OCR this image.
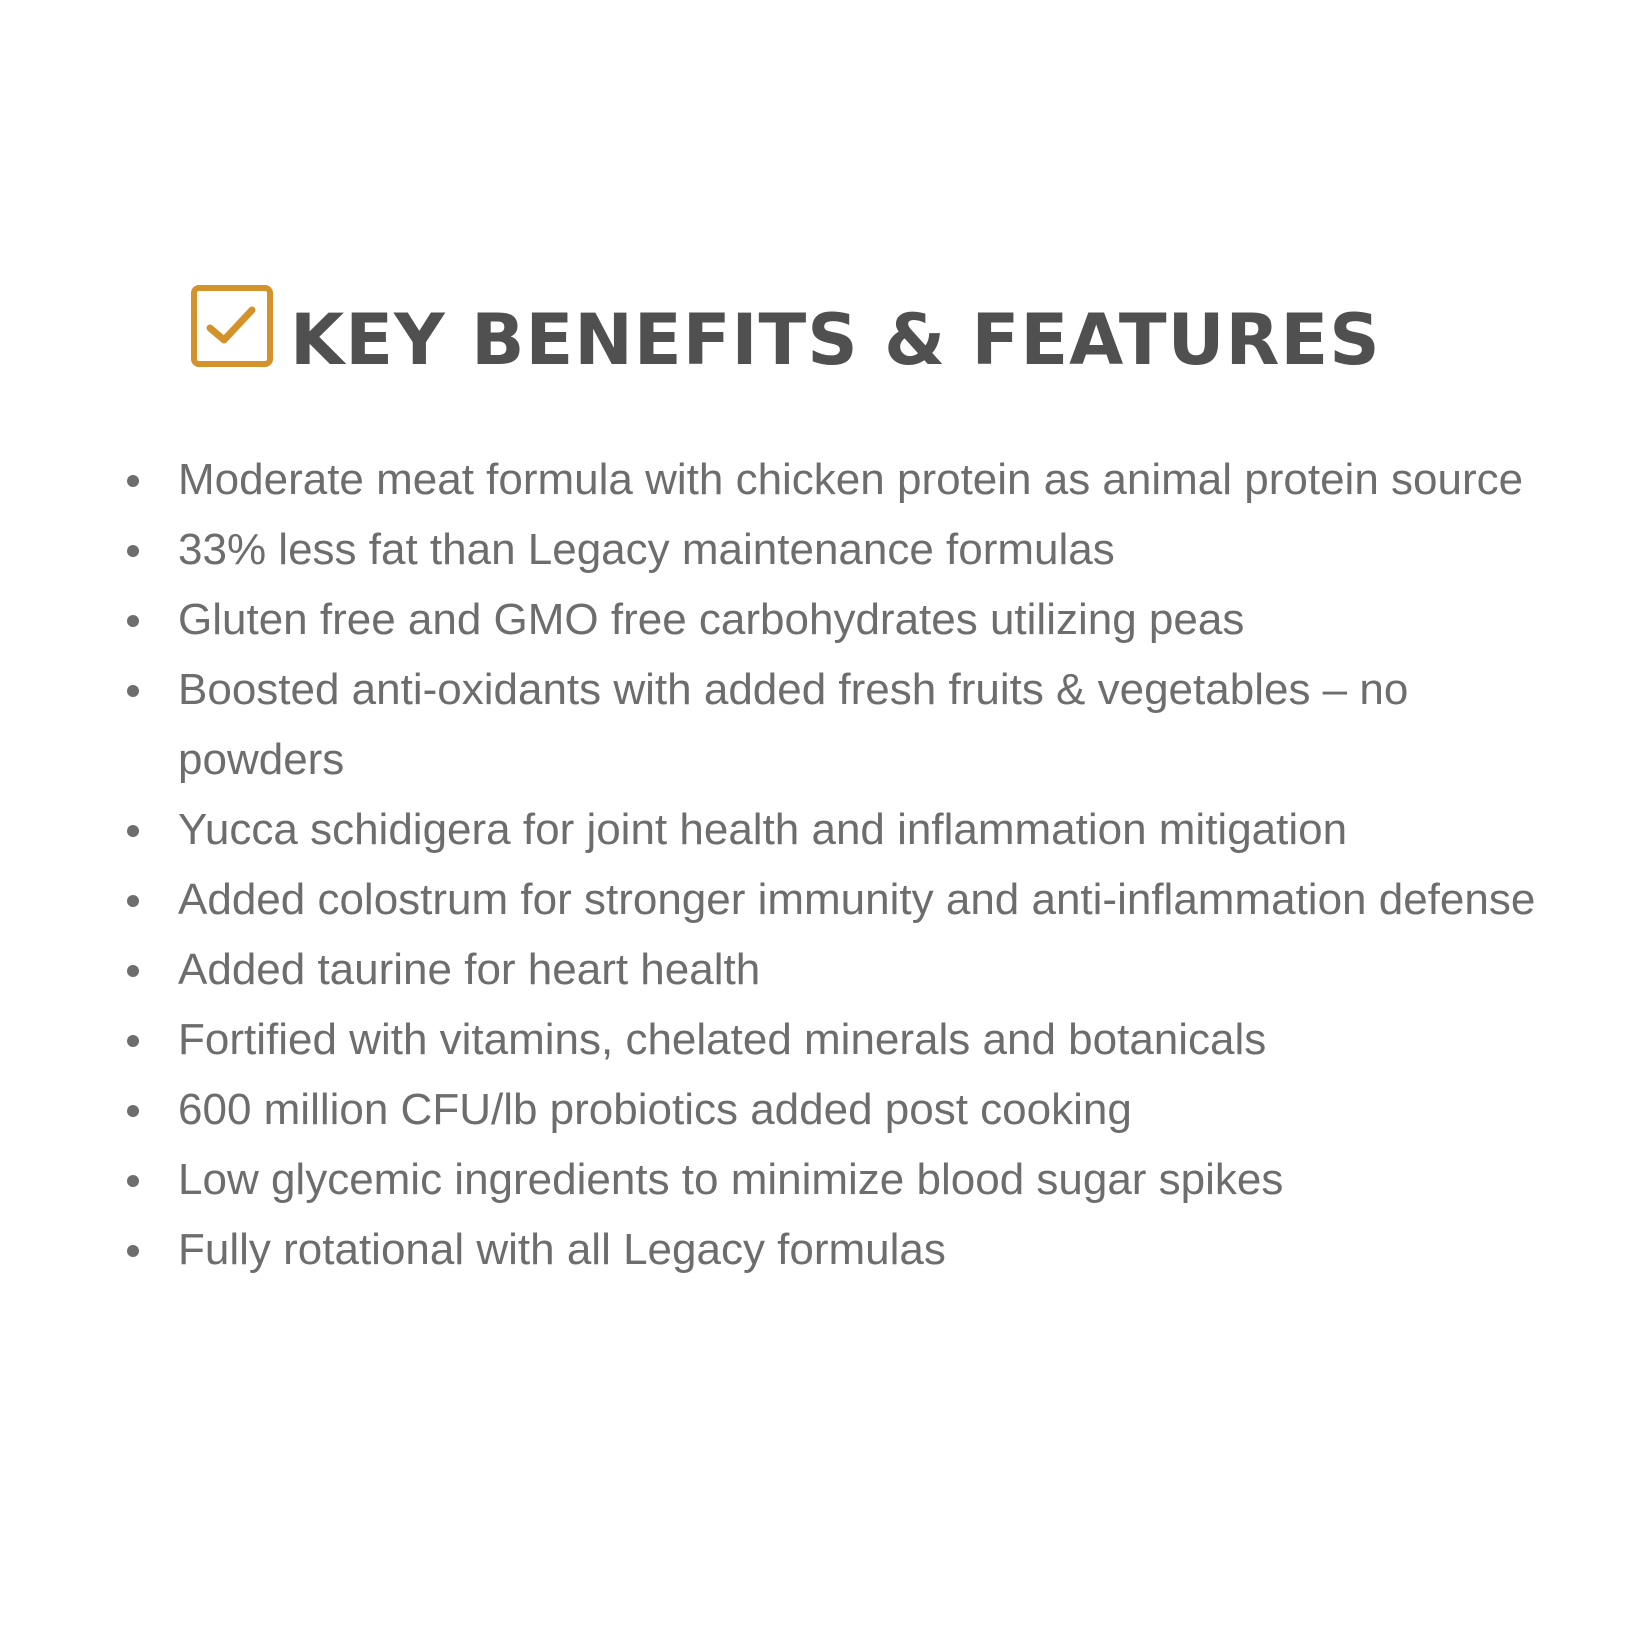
KEY BENEFITS & FEATURES
Moderate meat formula with chicken protein as animal protein source
33% less fat than Legacy maintenance formulas
Gluten free and GMO free carbohydrates utilizing peas
Boosted anti-oxidants with added fresh fruits & vegetables – no powders
Yucca schidigera for joint health and inflammation mitigation
Added colostrum for stronger immunity and anti-inflammation defense
Added taurine for heart health
Fortified with vitamins, chelated minerals and botanicals
600 million CFU/lb probiotics added post cooking
Low glycemic ingredients to minimize blood sugar spikes
Fully rotational with all Legacy formulas
